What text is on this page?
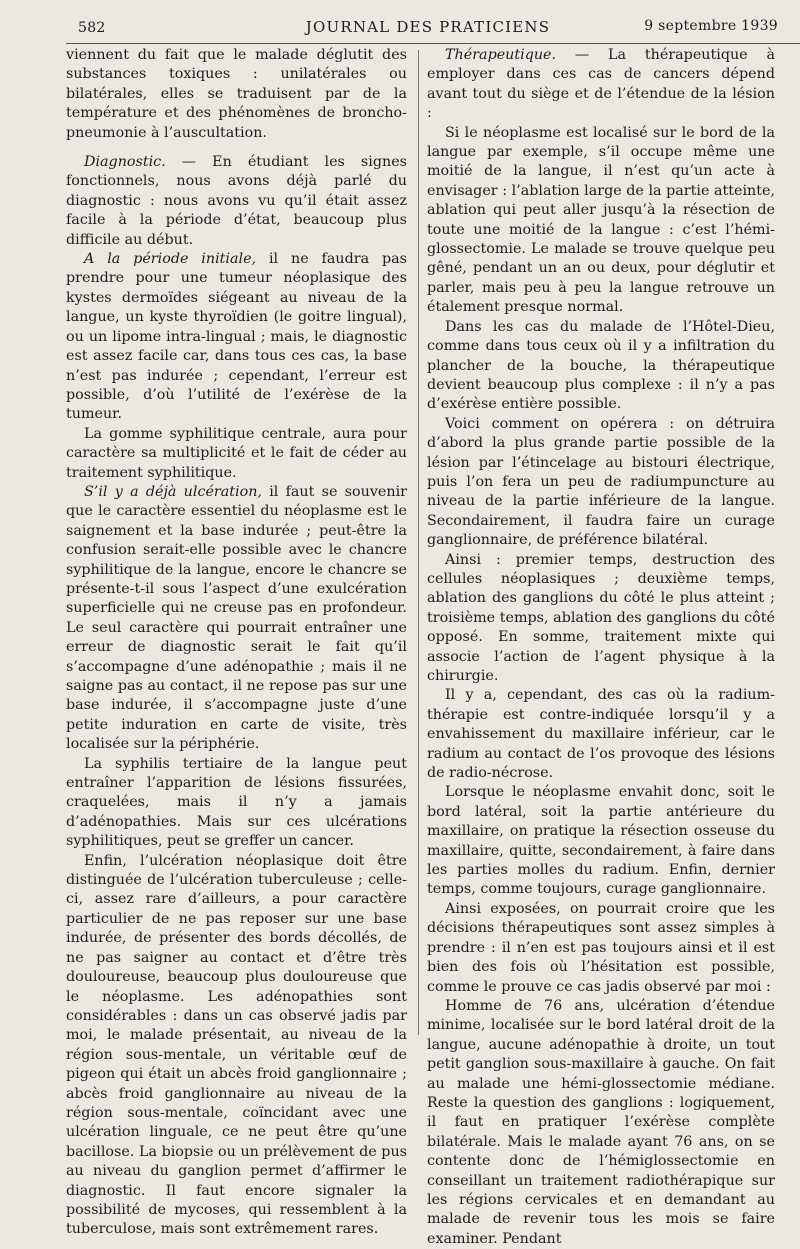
582	JOURNAL DES PRATICIENS	9 septembre 1939

viennent du fait que le malade déglutit des substances toxiques : unilatérales ou bilatérales, elles se traduisent par de la température et des phénomènes de broncho-pneumonie à l’auscultation.

Diagnostic. — En étudiant les signes fonctionnels, nous avons déjà parlé du diagnostic : nous avons vu qu’il était assez facile à la période d’état, beaucoup plus difficile au début.

A la période initiale, il ne faudra pas prendre pour une tumeur néoplasique des kystes dermoïdes siégeant au niveau de la langue, un kyste thyroïdien (le goitre lingual), ou un lipome intra-lingual ; mais, le diagnostic est assez facile car, dans tous ces cas, la base n’est pas indurée ; cependant, l’erreur est possible, d’où l’utilité de l’exérèse de la tumeur.

La gomme syphilitique centrale, aura pour caractère sa multiplicité et le fait de céder au traitement syphilitique.

S’il y a déjà ulcération, il faut se souvenir que le caractère essentiel du néoplasme est le saignement et la base indurée ; peut-être la confusion serait-elle possible avec le chancre syphilitique de la langue, encore le chancre se présente-t-il sous l’aspect d’une exulcération superficielle qui ne creuse pas en profondeur. Le seul caractère qui pourrait entraîner une erreur de diagnostic serait le fait qu’il s’accompagne d’une adénopathie ; mais il ne saigne pas au contact, il ne repose pas sur une base indurée, il s’accompagne juste d’une petite induration en carte de visite, très localisée sur la périphérie.

La syphilis tertiaire de la langue peut entraîner l’apparition de lésions fissurées, craquelées, mais il n’y a jamais d’adénopathies. Mais sur ces ulcérations syphilitiques, peut se greffer un cancer.

Enfin, l’ulcération néoplasique doit être distinguée de l’ulcération tuberculeuse ; celle-ci, assez rare d’ailleurs, a pour caractère particulier de ne pas reposer sur une base indurée, de présenter des bords décollés, de ne pas saigner au contact et d’être très douloureuse, beaucoup plus douloureuse que le néoplasme. Les adénopathies sont considérables : dans un cas observé jadis par moi, le malade présentait, au niveau de la région sous-mentale, un véritable œuf de pigeon qui était un abcès froid ganglionnaire ; abcès froid ganglionnaire au niveau de la région sous-mentale, coïncidant avec une ulcération linguale, ce ne peut être qu’une bacillose. La biopsie ou un prélèvement de pus au niveau du ganglion permet d’affirmer le diagnostic. Il faut encore signaler la possibilité de mycoses, qui ressemblent à la tuberculose, mais sont extrêmement rares.

Thérapeutique. — La thérapeutique à employer dans ces cas de cancers dépend avant tout du siège et de l’étendue de la lésion :

Si le néoplasme est localisé sur le bord de la langue par exemple, s’il occupe même une moitié de la langue, il n’est qu’un acte à envisager : l’ablation large de la partie atteinte, ablation qui peut aller jusqu’à la résection de toute une moitié de la langue : c’est l’hémi-glossectomie. Le malade se trouve quelque peu gêné, pendant un an ou deux, pour déglutir et parler, mais peu à peu la langue retrouve un étalement presque normal.

Dans les cas du malade de l’Hôtel-Dieu, comme dans tous ceux où il y a infiltration du plancher de la bouche, la thérapeutique devient beaucoup plus complexe : il n’y a pas d’exérèse entière possible.

Voici comment on opérera : on détruira d’abord la plus grande partie possible de la lésion par l’étincelage au bistouri électrique, puis l’on fera un peu de radiumpuncture au niveau de la partie inférieure de la langue. Secondairement, il faudra faire un curage ganglionnaire, de préférence bilatéral.

Ainsi : premier temps, destruction des cellules néoplasiques ; deuxième temps, ablation des ganglions du côté le plus atteint ; troisième temps, ablation des ganglions du côté opposé. En somme, traitement mixte qui associe l’action de l’agent physique à la chirurgie.

Il y a, cependant, des cas où la radium-thérapie est contre-indiquée lorsqu’il y a envahissement du maxillaire inférieur, car le radium au contact de l’os provoque des lésions de radio-nécrose.

Lorsque le néoplasme envahit donc, soit le bord latéral, soit la partie antérieure du maxillaire, on pratique la résection osseuse du maxillaire, quitte, secondairement, à faire dans les parties molles du radium. Enfin, dernier temps, comme toujours, curage ganglionnaire.

Ainsi exposées, on pourrait croire que les décisions thérapeutiques sont assez simples à prendre : il n’en est pas toujours ainsi et il est bien des fois où l’hésitation est possible, comme le prouve ce cas jadis observé par moi :

Homme de 76 ans, ulcération d’étendue minime, localisée sur le bord latéral droit de la langue, aucune adénopathie à droite, un tout petit ganglion sous-maxillaire à gauche. On fait au malade une hémi-glossectomie médiane. Reste la question des ganglions : logiquement, il faut en pratiquer l’exérèse complète bilatérale. Mais le malade ayant 76 ans, on se contente donc de l’hémiglossectomie en conseillant un traitement radiothérapique sur les régions cervicales et en demandant au malade de revenir tous les mois se faire examiner. Pendant
